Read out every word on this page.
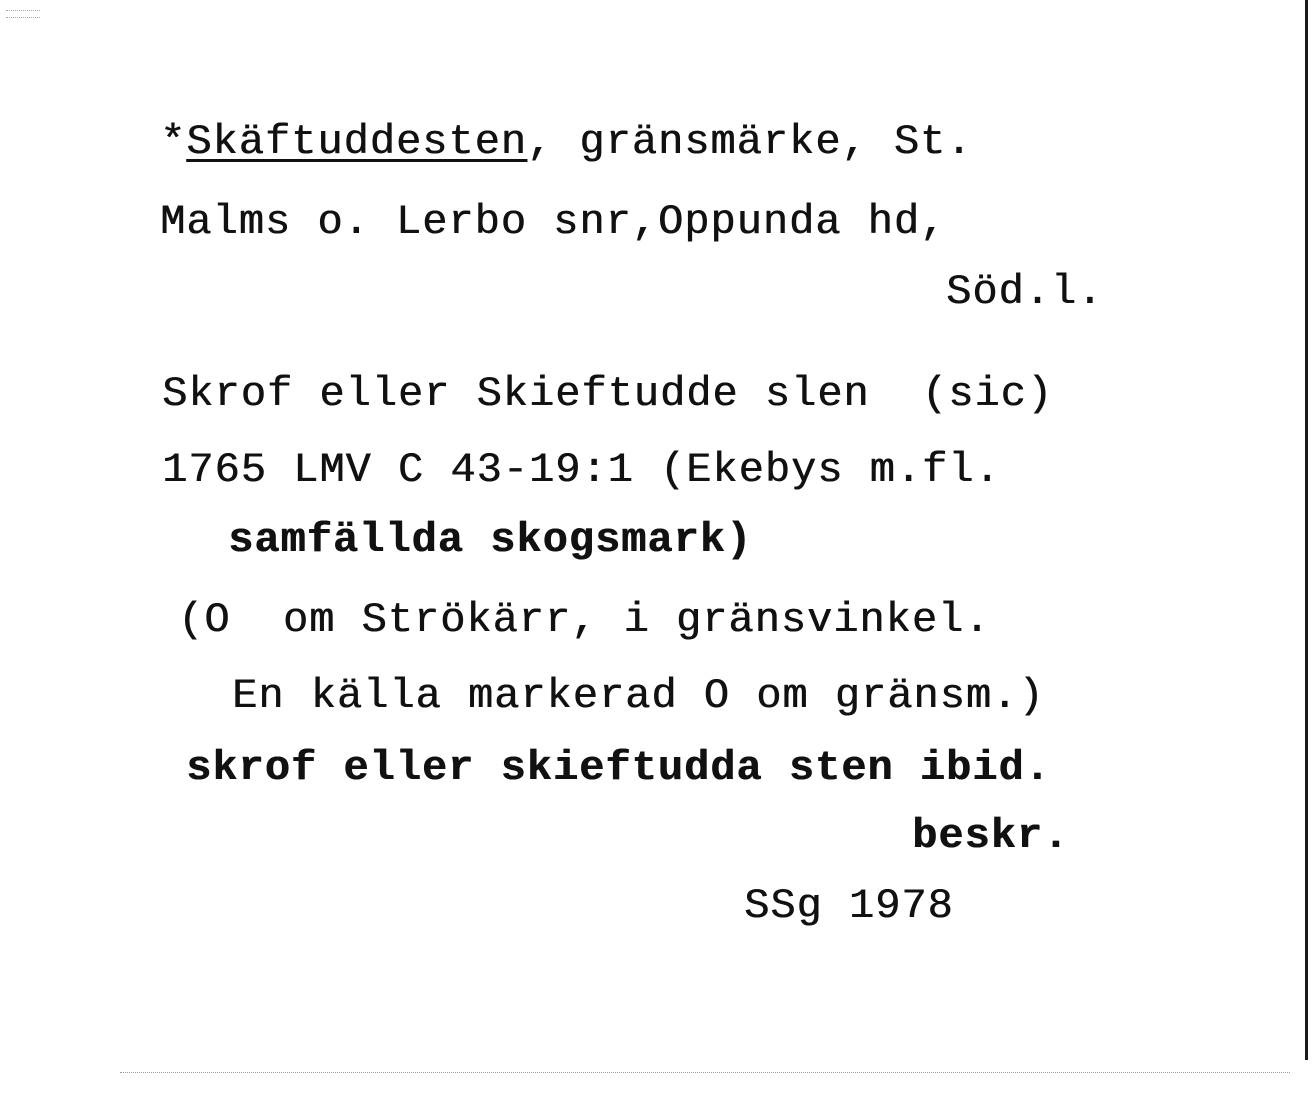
*Skäftuddesten, gränsmärke, St.
Malms o. Lerbo snr,Oppunda hd,
Söd.l.
Skrof eller Skieftudde slen  (sic)
1765 LMV C 43-19:1 (Ekebys m.fl.
samfällda skogsmark)
(O  om Strökärr, i gränsvinkel.
En källa markerad O om gränsm.)
skrof eller skieftudda sten ibid.
beskr.
SSg 1978
